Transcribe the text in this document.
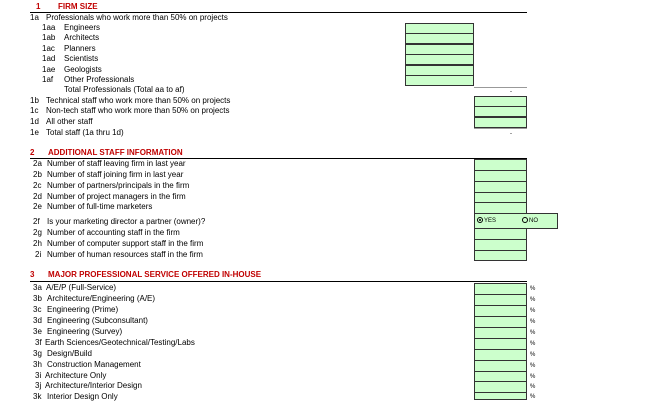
1 FIRM SIZE
1a Professionals who work more than 50% on projects
1aa Engineers
1ab Architects
1ac Planners
1ad Scientists
1ae Geologists
1af Other Professionals
Total Professionals (Total aa to af)
1b Technical staff who work more than 50% on projects
1c Non-tech staff who work more than 50% on projects
1d All other staff
1e Total staff (1a thru 1d)
-
-
2 ADDITIONAL STAFF INFORMATION
2a Number of staff leaving firm in last year
2b Number of staff joining firm in last year
2c Number of partners/principals in the firm
2d Number of project managers in the firm
2e Number of full-time marketers
2f Is your marketing director a partner (owner)?
2g Number of accounting staff in the firm
2h Number of computer support staff in the firm
2i Number of human resources staff in the firm
YES	NO
3 MAJOR PROFESSIONAL SERVICE OFFERED IN-HOUSE
3a A/E/P (Full-Service)
3b Architecture/Engineering (A/E)
3c Engineering (Prime)
3d Engineering (Subconsultant)
3e Engineering (Survey)
3f Earth Sciences/Geotechnical/Testing/Labs
3g Design/Build
3h Construction Management
3i Architecture Only
3j Architecture/Interior Design
3k Interior Design Only
%
%
%
%
%
%
%
%
%
%
%
